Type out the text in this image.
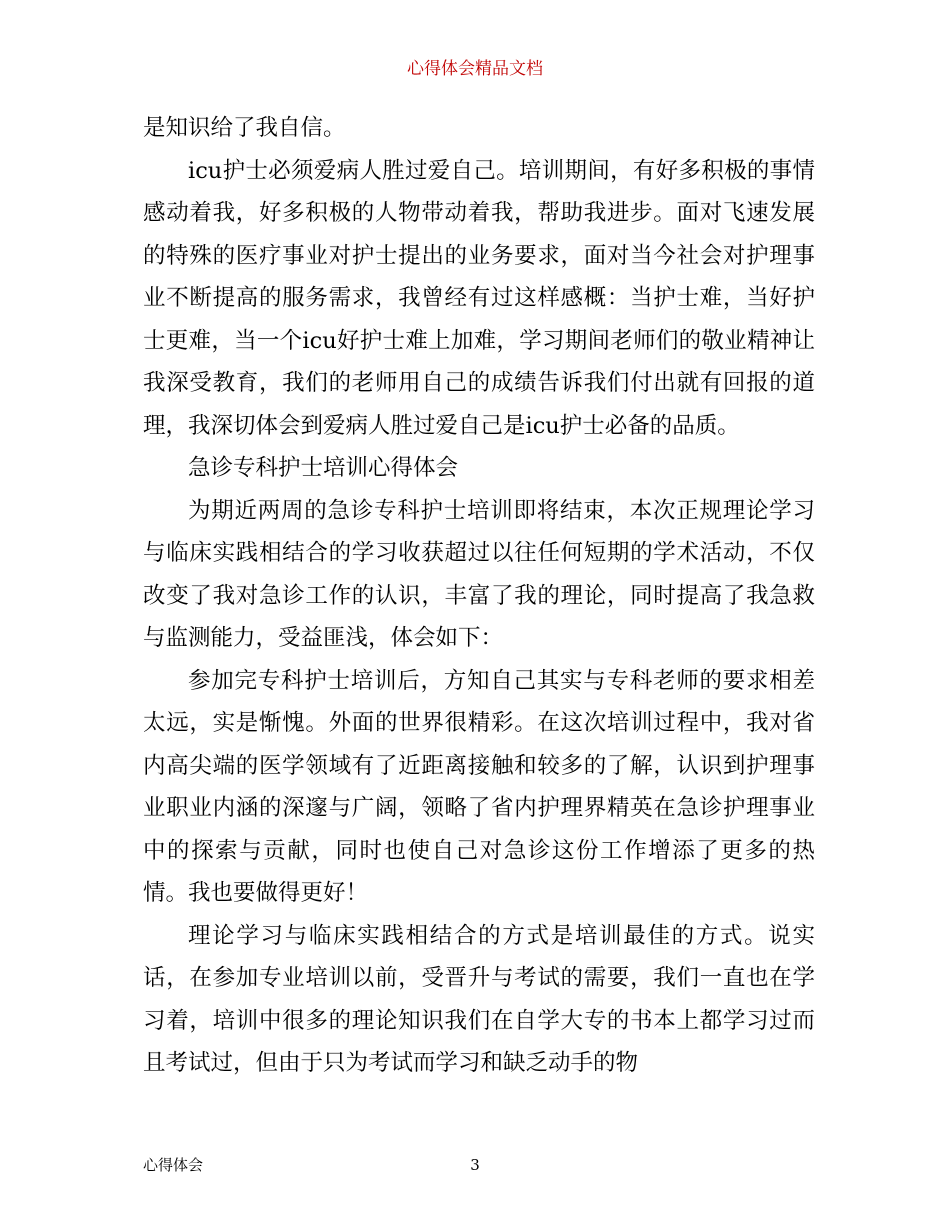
心得体会精品文档

是知识给了我自信。

icu护士必须爱病人胜过爱自己。培训期间，有好多积极的事情感动着我，好多积极的人物带动着我，帮助我进步。面对飞速发展的特殊的医疗事业对护士提出的业务要求，面对当今社会对护理事业不断提高的服务需求，我曾经有过这样感概：当护士难，当好护士更难，当一个icu好护士难上加难，学习期间老师们的敬业精神让我深受教育，我们的老师用自己的成绩告诉我们付出就有回报的道理，我深切体会到爱病人胜过爱自己是icu护士必备的品质。

急诊专科护士培训心得体会

为期近两周的急诊专科护士培训即将结束，本次正规理论学习与临床实践相结合的学习收获超过以往任何短期的学术活动，不仅改变了我对急诊工作的认识，丰富了我的理论，同时提高了我急救与监测能力，受益匪浅，体会如下：

参加完专科护士培训后，方知自己其实与专科老师的要求相差太远，实是惭愧。外面的世界很精彩。在这次培训过程中，我对省内高尖端的医学领域有了近距离接触和较多的了解，认识到护理事业职业内涵的深邃与广阔，领略了省内护理界精英在急诊护理事业中的探索与贡献，同时也使自己对急诊这份工作增添了更多的热情。我也要做得更好！

理论学习与临床实践相结合的方式是培训最佳的方式。说实话，在参加专业培训以前，受晋升与考试的需要，我们一直也在学习着，培训中很多的理论知识我们在自学大专的书本上都学习过而且考试过，但由于只为考试而学习和缺乏动手的物

心得体会	3
